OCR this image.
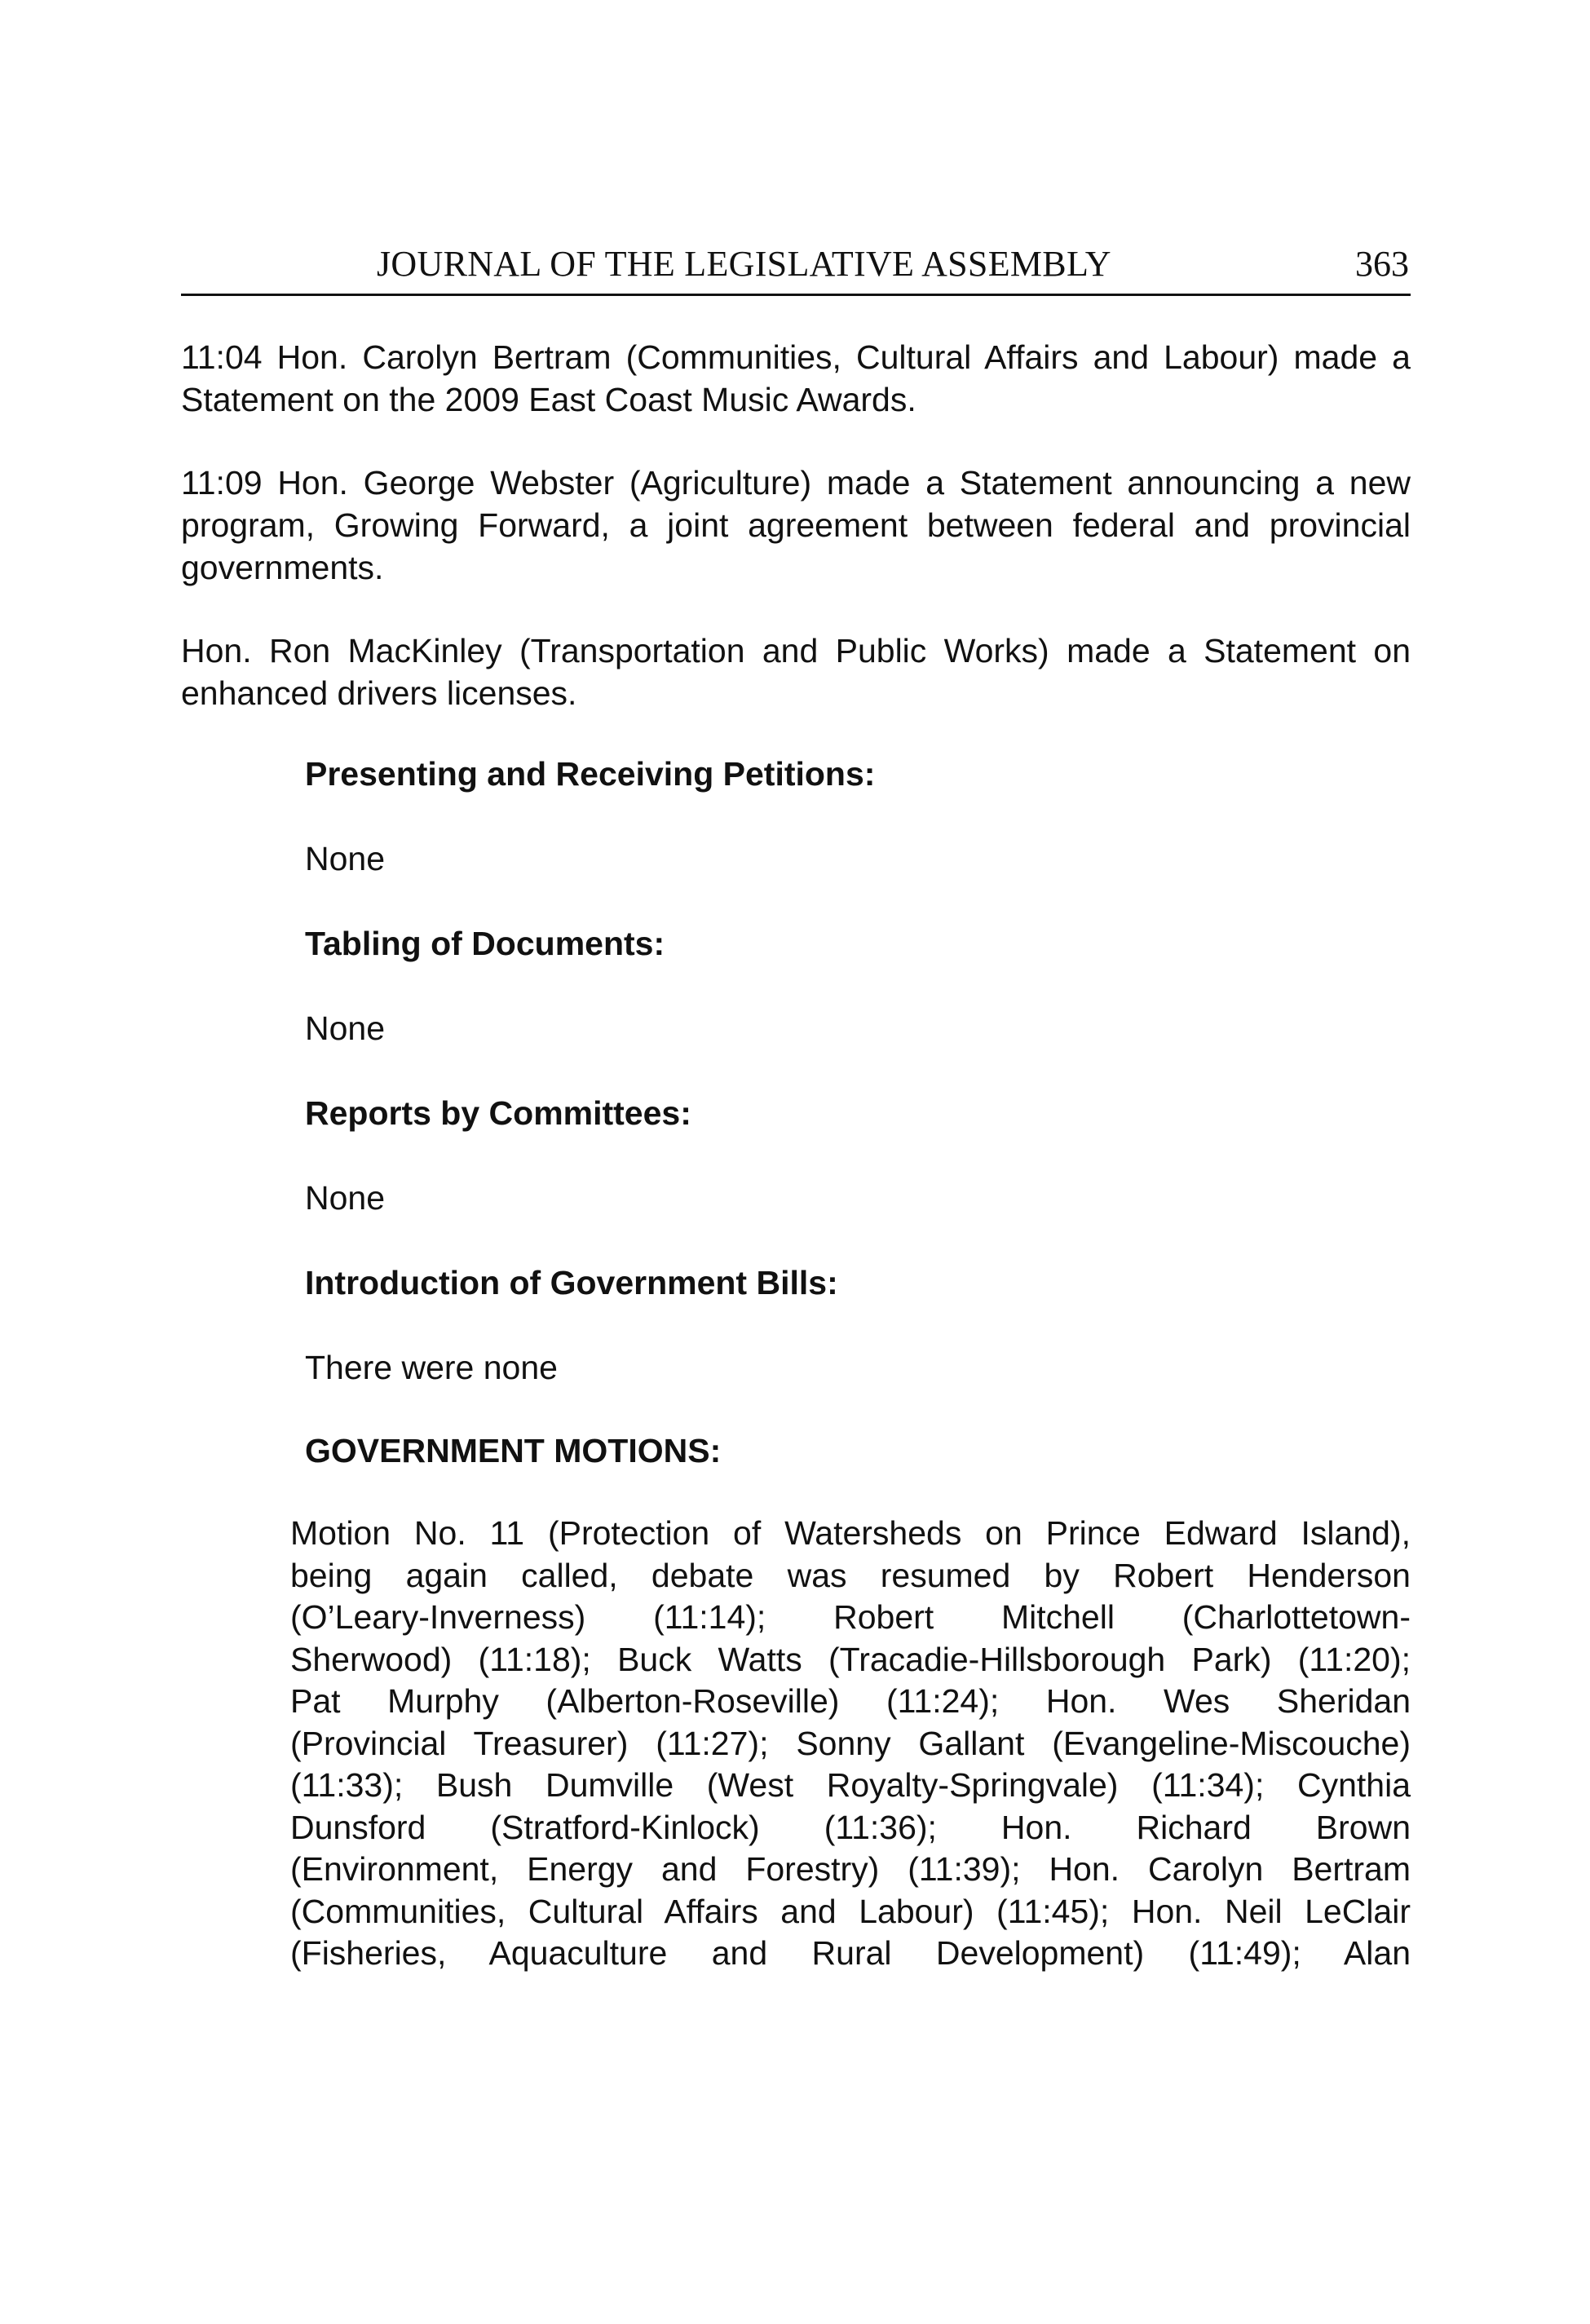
JOURNAL OF THE LEGISLATIVE ASSEMBLY	363
11:04 Hon. Carolyn Bertram (Communities, Cultural Affairs and Labour) made a Statement on the 2009 East Coast Music Awards.
11:09 Hon. George Webster (Agriculture) made a Statement announcing a new program, Growing Forward, a joint agreement between federal and provincial governments.
Hon. Ron MacKinley (Transportation and Public Works) made a Statement on enhanced drivers licenses.
Presenting and Receiving Petitions:
None
Tabling of Documents:
None
Reports by Committees:
None
Introduction of Government Bills:
There were none
GOVERNMENT MOTIONS:
Motion No. 11 (Protection of Watersheds on Prince Edward Island),
being again called, debate was resumed by Robert Henderson
(O’Leary-Inverness) (11:14); Robert Mitchell (Charlottetown-
Sherwood) (11:18); Buck Watts (Tracadie-Hillsborough Park) (11:20);
Pat Murphy (Alberton-Roseville) (11:24); Hon. Wes Sheridan
(Provincial Treasurer) (11:27); Sonny Gallant (Evangeline-Miscouche)
(11:33); Bush Dumville (West Royalty-Springvale) (11:34); Cynthia
Dunsford (Stratford-Kinlock) (11:36); Hon. Richard Brown
(Environment, Energy and Forestry) (11:39); Hon. Carolyn Bertram
(Communities, Cultural Affairs and Labour) (11:45); Hon. Neil LeClair
(Fisheries, Aquaculture and Rural Development) (11:49); Alan
